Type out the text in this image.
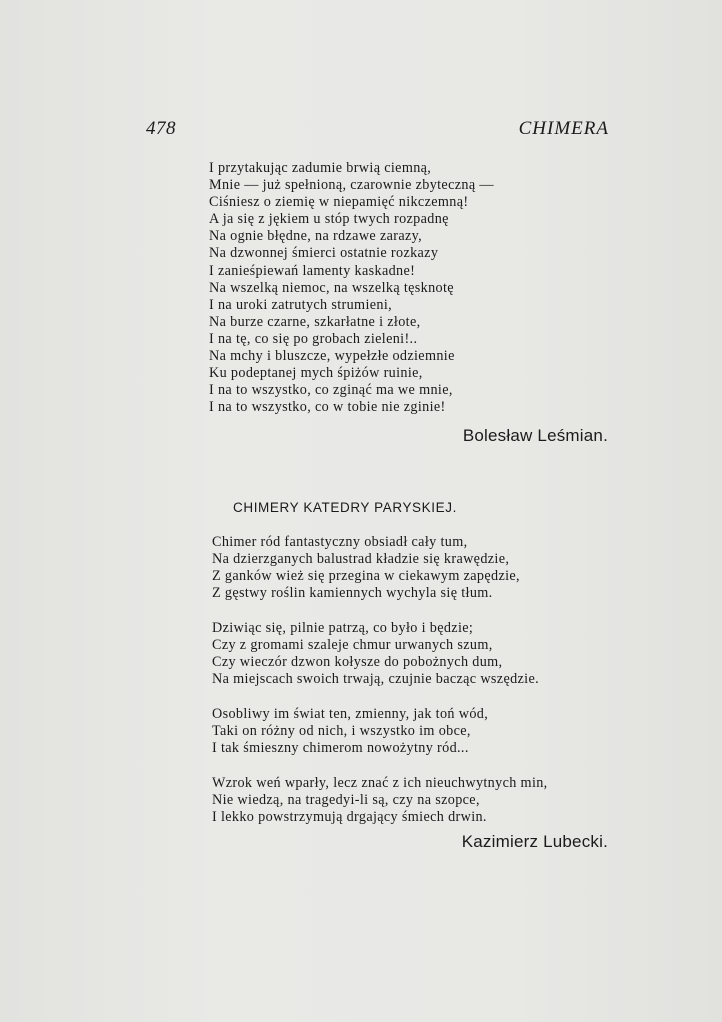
478	CHIMERA
I przytakując zadumie brwią ciemną,
Mnie — już spełnioną, czarownie zbyteczną —
Ciśniesz o ziemię w niepamięć nikczemną!
A ja się z jękiem u stóp twych rozpadnę
Na ognie błędne, na rdzawe zarazy,
Na dzwonnej śmierci ostatnie rozkazy
I zanieśpiewań lamenty kaskadne!
Na wszelką niemoc, na wszelką tęsknotę
I na uroki zatrutych strumieni,
Na burze czarne, szkarłatne i złote,
I na tę, co się po grobach zieleni!..
Na mchy i bluszcze, wypełzłe odziemnie
Ku podeptanej mych śpiżów ruinie,
I na to wszystko, co zginąć ma we mnie,
I na to wszystko, co w tobie nie zginie!
Bolesław Leśmian.
CHIMERY KATEDRY PARYSKIEJ.
Chimer ród fantastyczny obsiadł cały tum,
Na dzierzganych balustrad kładzie się krawędzie,
Z ganków wież się przegina w ciekawym zapędzie,
Z gęstwy roślin kamiennych wychyla się tłum.
Dziwiąc się, pilnie patrzą, co było i będzie;
Czy z gromami szaleje chmur urwanych szum,
Czy wieczór dzwon kołysze do pobożnych dum,
Na miejscach swoich trwają, czujnie bacząc wszędzie.
Osobliwy im świat ten, zmienny, jak toń wód,
Taki on różny od nich, i wszystko im obce,
I tak śmieszny chimerom nowożytny ród...
Wzrok weń wparły, lecz znać z ich nieuchwytnych min,
Nie wiedzą, na tragedyi-li są, czy na szopce,
I lekko powstrzymują drgający śmiech drwin.
Kazimierz Lubecki.
